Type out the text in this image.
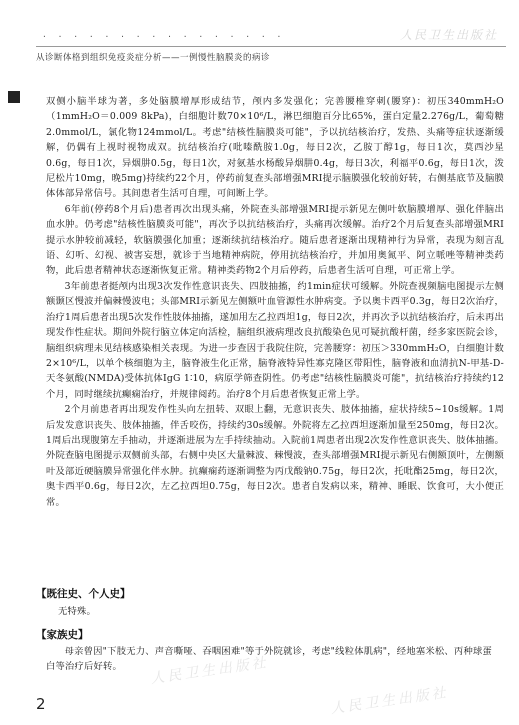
· · · · · · · · · · · · · · · ·	人民卫生出版社
从诊断体格到组织免疫炎症分析——一例慢性脑膜炎的病诊

双侧小脑半球为著，多处脑膜增厚形成结节，颅内多发强化；完善腰椎穿刺(腰穿)：初压340mmH₂O（1mmH₂O＝0.009 8kPa)，白细胞计数70×10⁶/L，淋巴细胞百分比65%，蛋白定量2.276g/L，葡萄糖2.0mmol/L，氯化物124mmol/L。考虑"结核性脑膜炎可能"，予以抗结核治疗，发热、头痛等症状逐渐缓解，仍偶有上视时视物成双。抗结核治疗(吡嗪酰胺1.0g，每日2次，乙胺丁醇1g，每日1次，莫西沙星0.6g，每日1次，异烟肼0.5g，每日1次，对氨基水杨酸异烟肼0.4g，每日3次，利福平0.6g，每日1次，泼尼松片10mg，晚5mg)持续约22个月，停药前复查头部增强MRI提示脑膜强化较前好转，右侧基底节及脑膜体体部异常信号。其间患者生活可自理，可间断上学。

6年前(停药8个月后)患者再次出现头痛，外院查头部增强MRI提示新见左侧叶软脑膜增厚、强化伴脑出血水肿。仍考虑"结核性脑膜炎可能"，再次予以抗结核治疗，头痛再次缓解。治疗2个月后复查头部增强MRI提示水肿较前减轻，软脑膜强化加重；逐渐续抗结核治疗。随后患者逐渐出现精神行为异常，表现为刻言乱语、幻听、幻视、被害妄想，就诊于当地精神病院，停用抗结核治疗，并加用奥氮平、阿立哌唑等精神类药物，此后患者精神状态逐渐恢复正常。精神类药物2个月后停药，后患者生活可自理，可正常上学。

3年前患者挺颅内出现3次发作性意识丧失、四肢抽搐，约1min症状可缓解。外院查视频脑电图提示左侧额颞区慢波并偏棘慢波电；头部MRI示新见左侧额叶血管源性水肿病变。予以奥卡西平0.3g，每日2次治疗，治疗1周后患者出现5次发作性肢体抽搐，遂加用左乙拉西坦1g，每日2次，并再次予以抗结核治疗，后未再出现发作性症状。期间外院行脑立体定向活检，脑组织液病理改良抗酸染色见可疑抗酸杆菌，经多家医院会诊，脑组织病理未见结核感染相关表现。为进一步查因于我院住院，完善腰穿：初压＞330mmH₂O，白细胞计数2×10⁶/L，以单个核细胞为主，脑脊液生化正常，脑脊液特异性寡克隆区带阳性，脑脊液和血清抗N-甲基-D-天冬氨酸(NMDA)受体抗体IgG 1∶10，病原学筛查阴性。仍考虑"结核性脑膜炎可能"，抗结核治疗持续约12个月，同时继续抗癫痫治疗，并规律阅药。治疗8个月后患者恢复正常上学。

2个月前患者再出现发作性头向左扭转、双眼上翻，无意识丧失、肢体抽搐，症状持续5~10s缓解。1周后发发意识丧失、肢体抽搐，伴舌咬伤，持续约30s缓解。外院将左乙拉西坦逐渐加量至250mg，每日2次。1周后出现腹第左手抽动，并逐渐进展为左手持续抽动。入院前1周患者出现2次发作性意识丧失、肢体抽搐。外院查脑电图提示双侧前头部，右侧中央区大量棘波、棘慢波，查头部增强MRI提示新见右侧额顶叶，左侧额叶及部近硬脑膜异常强化伴水肿。抗癫痫药逐渐调整为丙戊酸钠0.75g，每日2次，托吡酯25mg，每日2次，奥卡西平0.6g，每日2次，左乙拉西坦0.75g，每日2次。患者自发病以来，精神、睡眠、饮食可，大小便正常。

【既往史、个人史】
无特殊。
【家族史】
母亲曾因"下肢无力、声音嘶哑、吞咽困难"等于外院就诊，考虑"线粒体肌病"，经地塞米松、丙种球蛋白等治疗后好转。	人民卫生出版社
人民卫生出版社
2
